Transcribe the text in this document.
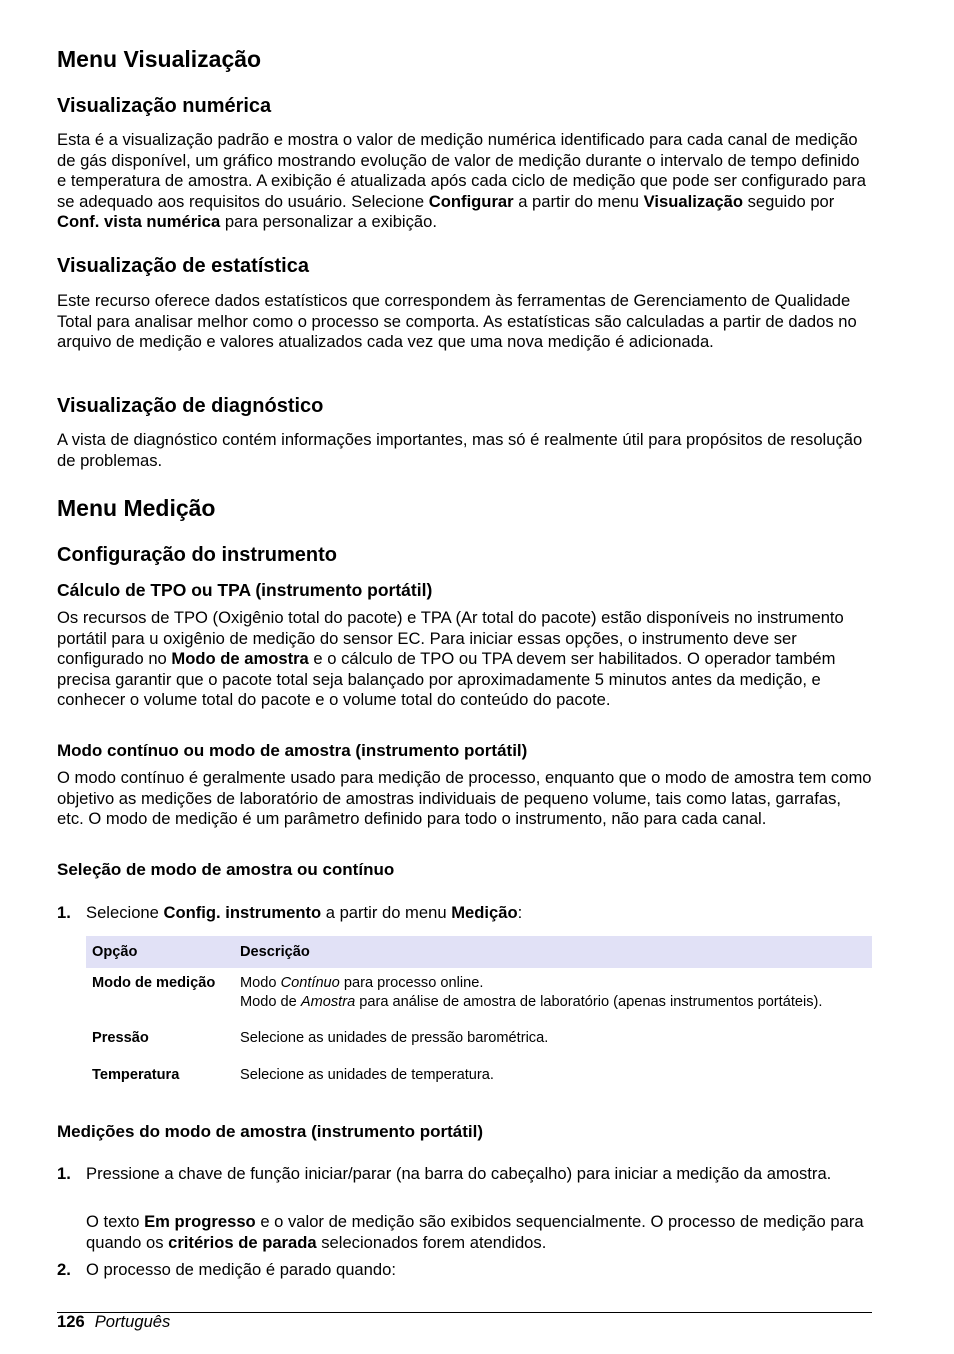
Menu Visualização
Visualização numérica

Esta é a visualização padrão e mostra o valor de medição numérica identificado para cada canal de medição de gás disponível, um gráfico mostrando evolução de valor de medição durante o intervalo de tempo definido e temperatura de amostra. A exibição é atualizada após cada ciclo de medição que pode ser configurado para se adequado aos requisitos do usuário. Selecione Configurar a partir do menu Visualização seguido por Conf. vista numérica para personalizar a exibição.

Visualização de estatística

Este recurso oferece dados estatísticos que correspondem às ferramentas de Gerenciamento de Qualidade Total para analisar melhor como o processo se comporta. As estatísticas são calculadas a partir de dados no arquivo de medição e valores atualizados cada vez que uma nova medição é adicionada.

Visualização de diagnóstico

A vista de diagnóstico contém informações importantes, mas só é realmente útil para propósitos de resolução de problemas.

Menu Medição
Configuração do instrumento
Cálculo de TPO ou TPA (instrumento portátil)

Os recursos de TPO (Oxigênio total do pacote) e TPA (Ar total do pacote) estão disponíveis no instrumento portátil para u oxigênio de medição do sensor EC. Para iniciar essas opções, o instrumento deve ser configurado no Modo de amostra e o cálculo de TPO ou TPA devem ser habilitados. O operador também precisa garantir que o pacote total seja balançado por aproximadamente 5 minutos antes da medição, e conhecer o volume total do pacote e o volume total do conteúdo do pacote.

Modo contínuo ou modo de amostra (instrumento portátil)

O modo contínuo é geralmente usado para medição de processo, enquanto que o modo de amostra tem como objetivo as medições de laboratório de amostras individuais de pequeno volume, tais como latas, garrafas, etc. O modo de medição é um parâmetro definido para todo o instrumento, não para cada canal.

Seleção de modo de amostra ou contínuo
1. Selecione Config. instrumento a partir do menu Medição:
Opção	Descrição
Modo de medição	Modo Contínuo para processo online.
Modo de Amostra para análise de amostra de laboratório (apenas instrumentos portáteis).
Pressão	Selecione as unidades de pressão barométrica.
Temperatura	Selecione as unidades de temperatura.
Medições do modo de amostra (instrumento portátil)
1. Pressione a chave de função iniciar/parar (na barra do cabeçalho) para iniciar a medição da amostra.

O texto Em progresso e o valor de medição são exibidos sequencialmente. O processo de medição para quando os critérios de parada selecionados forem atendidos.

2. O processo de medição é parado quando:
126 Português
